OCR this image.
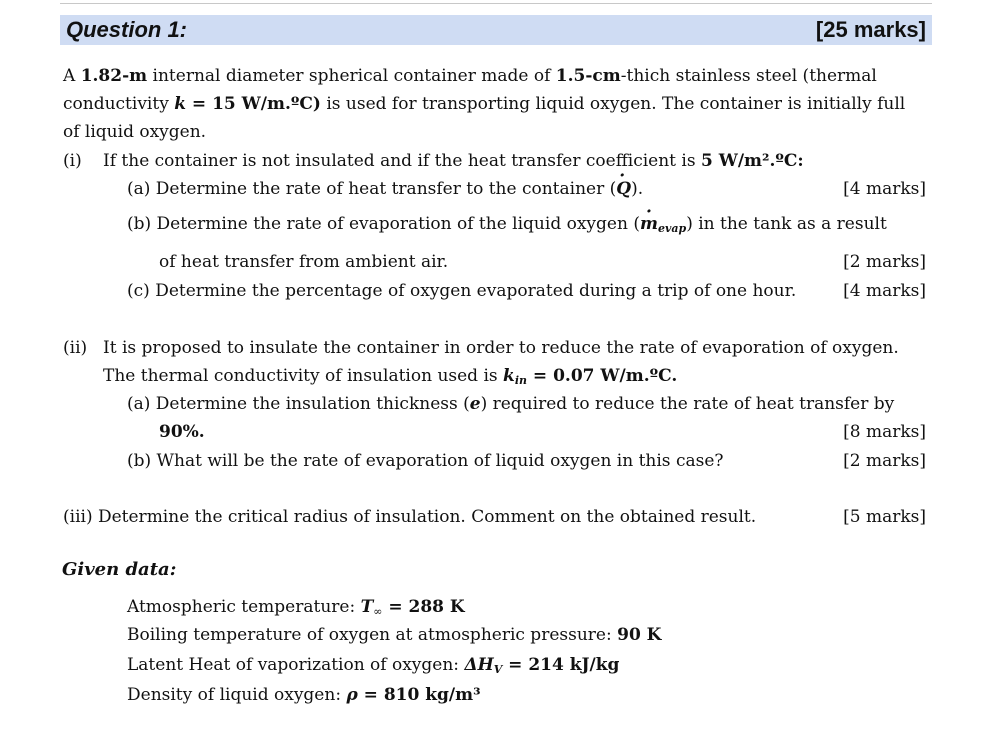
Question 1:	[25 marks]
A 1.82-m internal diameter spherical container made of 1.5-cm-thich stainless steel (thermal
conductivity k = 15 W/m.ºC) is used for transporting liquid oxygen. The container is initially full
of liquid oxygen.
(i) If the container is not insulated and if the heat transfer coefficient is 5 W/m².ºC:
(a) Determine the rate of heat transfer to the container (· Q).	[4 marks]
(b) Determine the rate of evaporation of the liquid oxygen (· $m_{evap}$) in the tank as a result
of heat transfer from ambient air.	[2 marks]
(c) Determine the percentage of oxygen evaporated during a trip of one hour.	[4 marks]
(ii) It is proposed to insulate the container in order to reduce the rate of evaporation of oxygen.
The thermal conductivity of insulation used is $k_{in} = 0.07$ W/m.ºC.
(a) Determine the insulation thickness (e) required to reduce the rate of heat transfer by
90%.	[8 marks]
(b) What will be the rate of evaporation of liquid oxygen in this case?	[2 marks]
(iii) Determine the critical radius of insulation. Comment on the obtained result.	[5 marks]
Given data:
Atmospheric temperature: $T_\infty = 288$ K
Boiling temperature of oxygen at atmospheric pressure: 90 K
Latent Heat of vaporization of oxygen: $\Delta H_V = 214$ kJ/kg
Density of liquid oxygen: ρ = 810 kg/m³
